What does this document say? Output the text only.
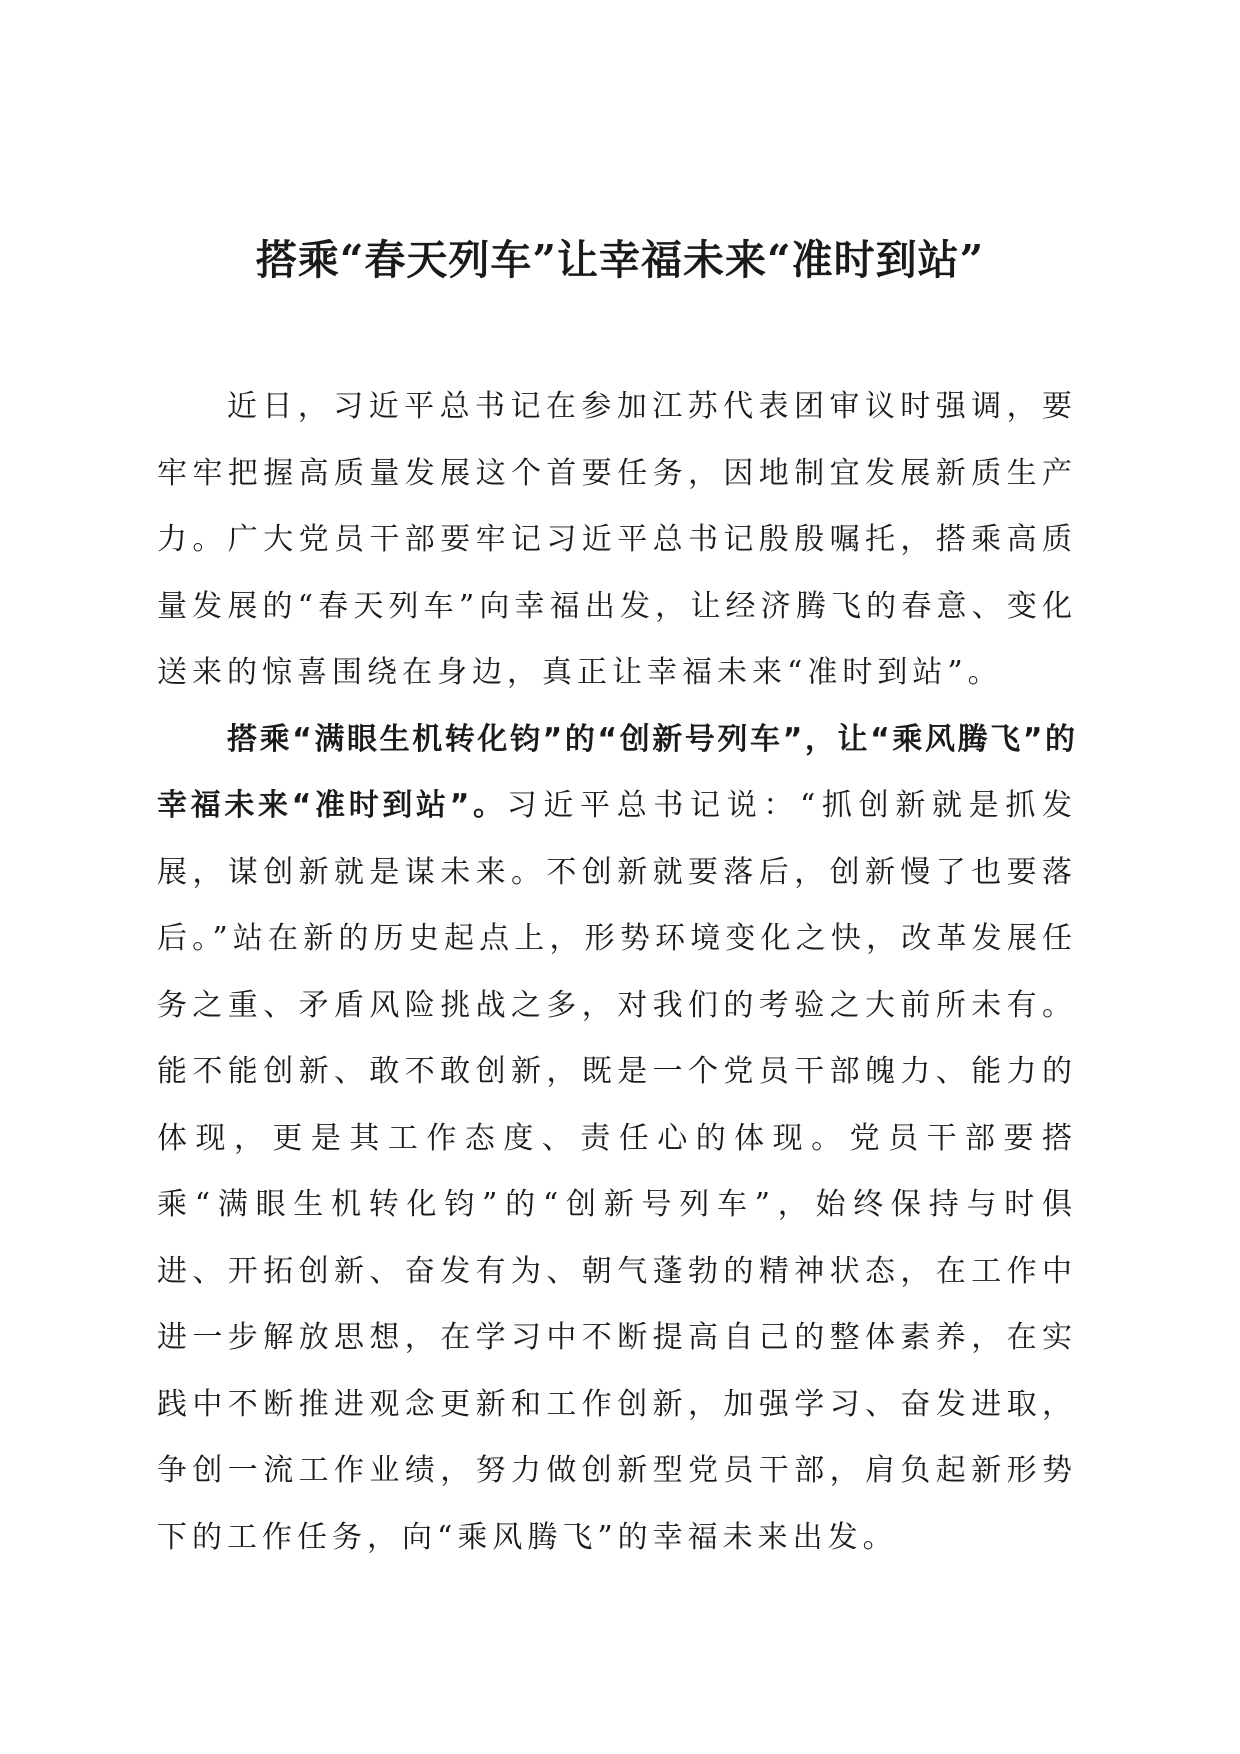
搭乘“春天列车”让幸福未来“准时到站”

近日，习近平总书记在参加江苏代表团审议时强调，要牢牢把握高质量发展这个首要任务，因地制宜发展新质生产力。广大党员干部要牢记习近平总书记殷殷嘱托，搭乘高质量发展的“春天列车”向幸福出发，让经济腾飞的春意、变化送来的惊喜围绕在身边，真正让幸福未来“准时到站”。

搭乘“满眼生机转化钧”的“创新号列车”，让“乘风腾飞”的幸福未来“准时到站”。习近平总书记说：“抓创新就是抓发展，谋创新就是谋未来。不创新就要落后，创新慢了也要落后。”站在新的历史起点上，形势环境变化之快，改革发展任务之重、矛盾风险挑战之多，对我们的考验之大前所未有。能不能创新、敢不敢创新，既是一个党员干部魄力、能力的体现，更是其工作态度、责任心的体现。党员干部要搭乘“满眼生机转化钧”的“创新号列车”，始终保持与时俱进、开拓创新、奋发有为、朝气蓬勃的精神状态，在工作中进一步解放思想，在学习中不断提高自己的整体素养，在实践中不断推进观念更新和工作创新，加强学习、奋发进取，争创一流工作业绩，努力做创新型党员干部，肩负起新形势下的工作任务，向“乘风腾飞”的幸福未来出发。
